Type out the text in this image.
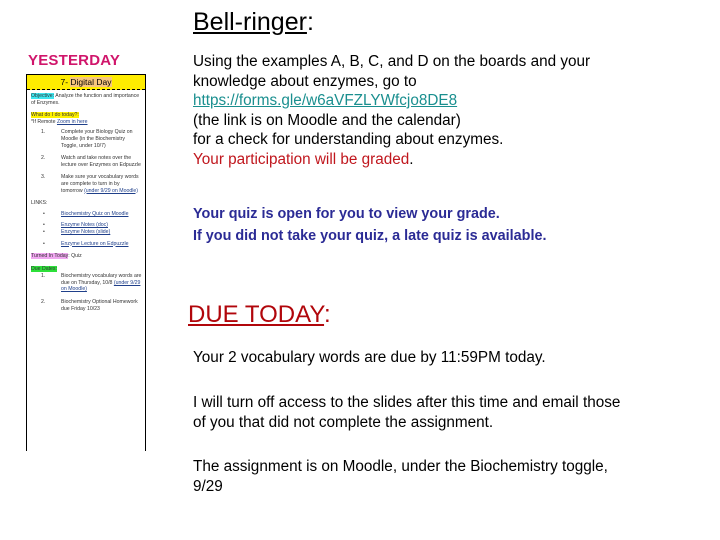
Bell-ringer:
YESTERDAY
7- Digital Day
Objective: Analyze the function and importance of Enzymes.
What do I do today?:
*If Remote Zoom in here
1.	Complete your Biology Quiz on Moodle (in the Biochemistry Toggle, under 10/7)
2.	Watch and take notes over the lecture over Enzymes on Edpuzzle
3.	Make sure your vocabulary words are complete to turn in by tomorrow (under 9/29 on Moodle)
LINKS:
•	Biochemistry Quiz on Moodle
•	Enzyme Notes (doc)
•	Enzyme Notes (slide)
•	Enzyme Lecture on Edpuzzle
Turned In Today: Quiz
Due Dates:
1.	Biochemistry vocabulary words are due on Thursday, 10/8 (under 9/29 on Moodle)
2.	Biochemistry Optional Homework due Friday 10/23
Using the examples A, B, C, and D on the boards and your
knowledge about enzymes, go to
https://forms.gle/w6aVFZLYWfcjo8DE8
(the link is on Moodle and the calendar)
for a check for understanding about enzymes.
Your participation will be graded.
Your quiz is open for you to view your grade.
If you did not take your quiz, a late quiz is available.
DUE TODAY:
Your 2 vocabulary words are due by 11:59PM today.
I will turn off access to the slides after this time and email those
of you that did not complete the assignment.
The assignment is on Moodle, under the Biochemistry toggle,
9/29
